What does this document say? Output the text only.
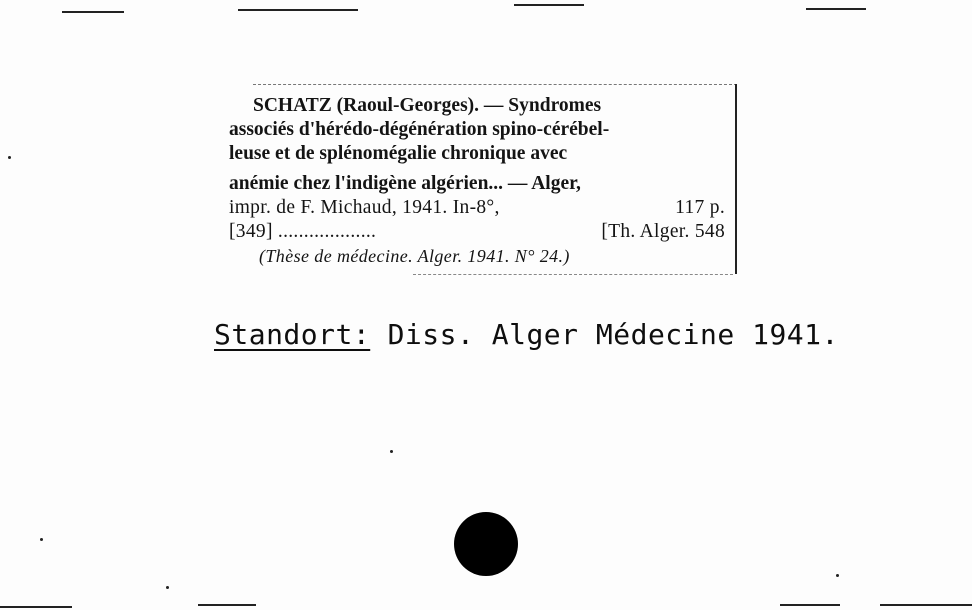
SCHATZ (Raoul-Georges). — Syndromes
associés d'hérédo-dégénération spino-cérébel-
leuse et de splénomégalie chronique avec
anémie chez l'indigène algérien... — Alger,
impr. de F. Michaud, 1941. In-8°,	117 p.
[349] ...................	[Th. Alger. 548
(Thèse de médecine. Alger. 1941. N° 24.)
Standort: Diss. Alger Médecine 1941.
